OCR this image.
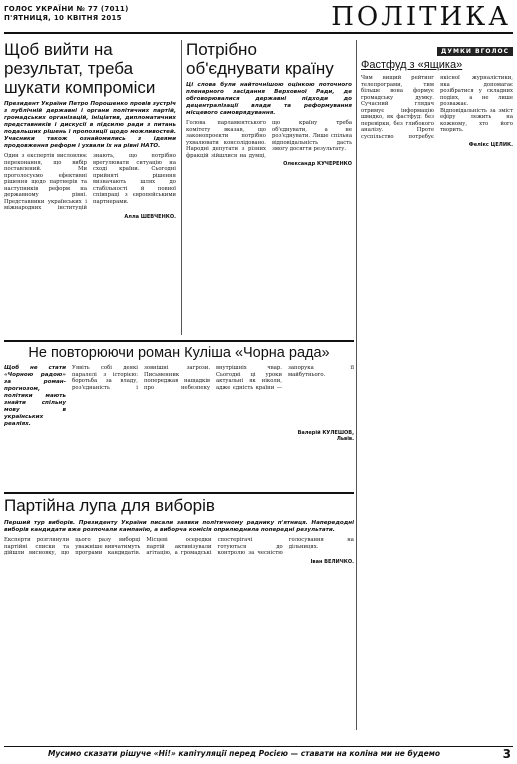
ГОЛОС УКРАЇНИ № 77 (7011)
П'ЯТНИЦЯ, 10 КВІТНЯ 2015	ПОЛІТИКА
Щоб вийти на результат, треба шукати компроміси
Президент України Петро Порошенко провів зустріч з публічній державні і органи політичних партій, громадських організацій, ініціатив, дипломатичних представників і дискусії в підсилю ради з питань подальших рішень і пропозиції щодо можливостей. Учасники також ознайомились з ідеями продовження реформ і ухвали їх на рівні НАТО.
Один з експертів висловлює переконання, що вибір поставлений. Ми проголосуємо ефективні рішення щодо партнерів та наступників реформ на державному рівні. Представники українських і міжнародних інституцій знають, що потрібно врегулювати ситуацію на сході країни. Сьогодні прийняті рішення визначають шлях до стабільності й повної співпраці з європейськими партнерами.
Алла ШЕВЧЕНКО.
Потрібно об'єднувати країну
Ці слова були найточнішою оцінкою поточного пленарного засідання Верховної Ради, де обговорювалися державні підходи до децентралізації влади та реформування місцевого самоврядування.
Голова парламентського комітету вказав, що законопроекти потрібно ухвалювати консолідовано. Народні депутати з різних фракцій зійшлися на думці, що країну треба об'єднувати, а не роз'єднувати. Лише спільна відповідальність дасть змогу досягти результату.
Олександр КУЧЕРЕНКО
ДУМКИ ВГОЛОС
Фастфуд з «ящика»
Чим вищий рейтинг телепрограми, тим більше вона формує громадську думку. Сучасний глядач отримує інформацію швидко, як фастфуд: без перевірки, без глибокого аналізу. Проте суспільство потребує якісної журналістики, яка допомагає розібратися у складних подіях, а не лише розважає. Відповідальність за зміст ефіру лежить на кожному, хто його творить.
Фелікс ЦЕЛИК.
Не повторюючи роман Куліша «Чорна рада»
Щоб не стати «Чорною радою» за роман-прогнозом, політики мають знайти спільну мову в українських реаліях.
Уявіть собі деякі паралелі з історією: боротьба за владу, роз'єднаність і зовнішні загрози. Письменник попереджав нащадків про небезпеку внутрішніх чвар. Сьогодні ці уроки актуальні як ніколи, адже єдність країни — запорука її майбутнього.
Валерій КУЛЕШОВ,
Львів.
Партійна лупа для виборів
Перший тур виборів. Президенту України писали заявки політичному раднику п'ятниця. Напередодні виборів кандидати вже розпочали кампанію, а виборча комісія оприлюднила попередні результати.
Експерти розглянули партійні списки та дійшли висновку, що цього разу виборці уважніше вивчатимуть програми кандидатів. Місцеві осередки партій активізували агітацію, а громадські спостерігачі готуються до контролю за чесністю голосування на дільницях.
Іван ВЕЛИЧКО.
Мусимо сказати рішуче «Ні!» капітуляції перед Росією — ставати на коліна ми не будемо	3
